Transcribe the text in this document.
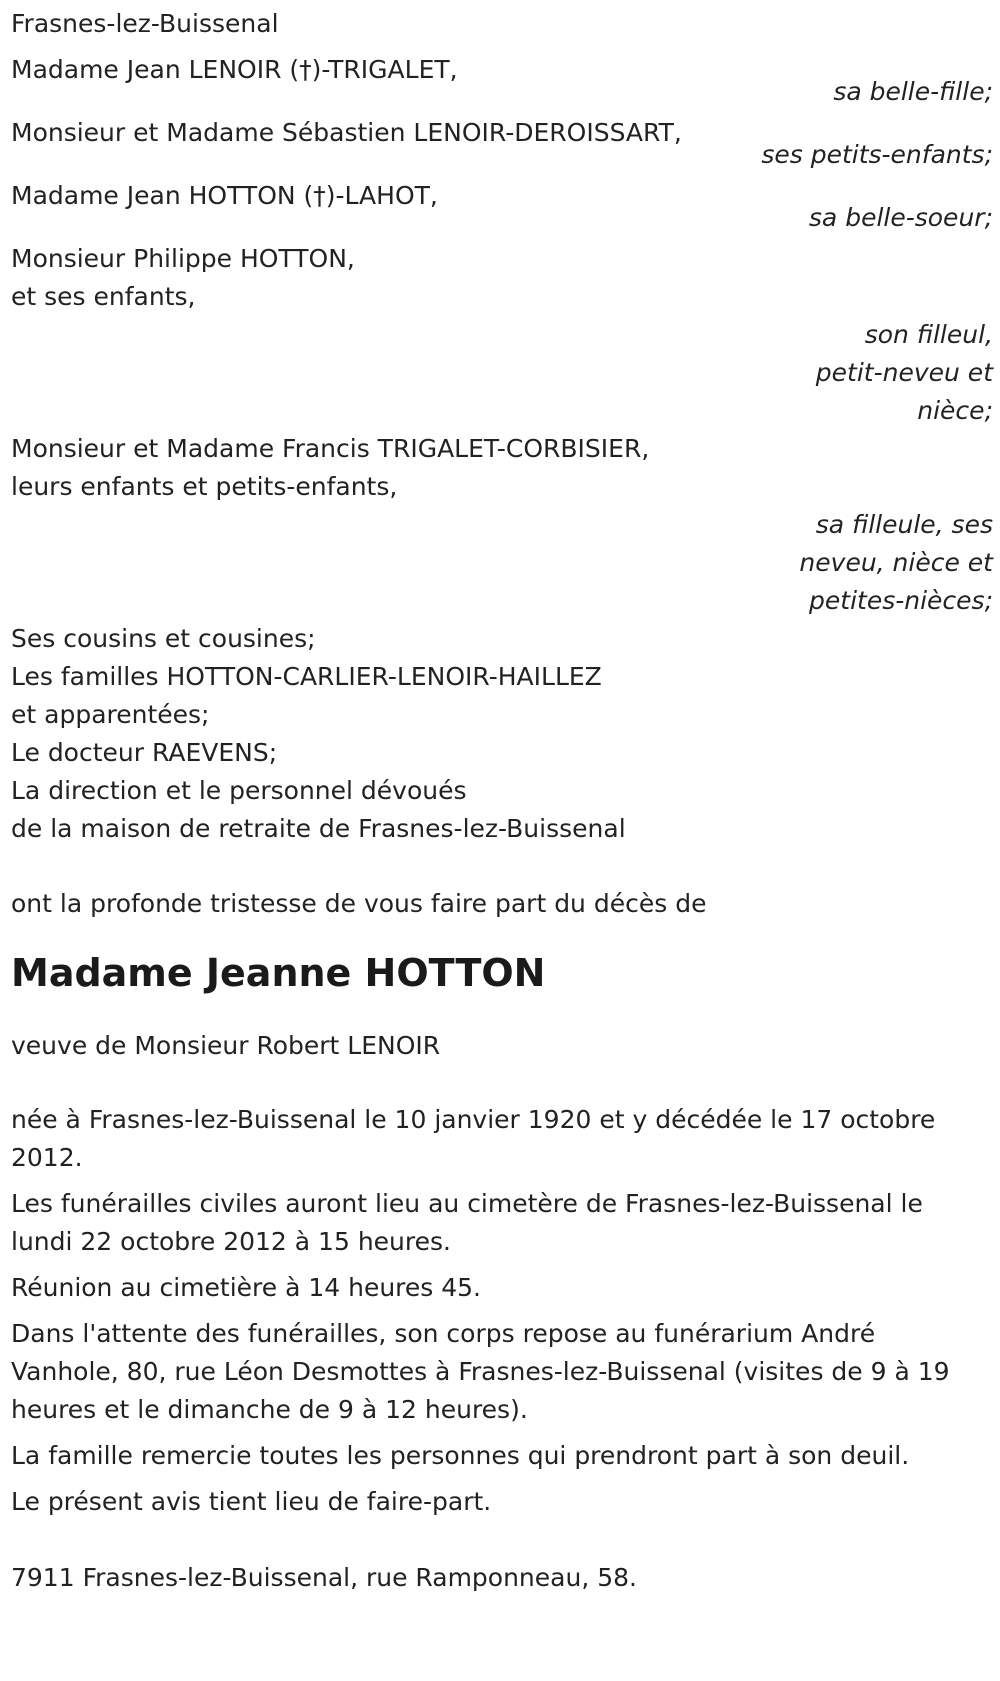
Frasnes-lez-Buissenal
Madame Jean LENOIR (†)-TRIGALET,
sa belle-fille;
Monsieur et Madame Sébastien LENOIR-DEROISSART,
ses petits-enfants;
Madame Jean HOTTON (†)-LAHOT,
sa belle-soeur;
Monsieur Philippe HOTTON,
et ses enfants,
son filleul,
petit-neveu et
nièce;
Monsieur et Madame Francis TRIGALET-CORBISIER,
leurs enfants et petits-enfants,
sa filleule, ses
neveu, nièce et
petites-nièces;
Ses cousins et cousines;
Les familles HOTTON-CARLIER-LENOIR-HAILLEZ
et apparentées;
Le docteur RAEVENS;
La direction et le personnel dévoués
de la maison de retraite de Frasnes-lez-Buissenal
ont la profonde tristesse de vous faire part du décès de
Madame Jeanne HOTTON
veuve de Monsieur Robert LENOIR
née à Frasnes-lez-Buissenal le 10 janvier 1920 et y décédée le 17 octobre 2012.
Les funérailles civiles auront lieu au cimetère de Frasnes-lez-Buissenal le lundi 22 octobre 2012 à 15 heures.
Réunion au cimetière à 14 heures 45.
Dans l'attente des funérailles, son corps repose au funérarium André Vanhole, 80, rue Léon Desmottes à Frasnes-lez-Buissenal (visites de 9 à 19 heures et le dimanche de 9 à 12 heures).
La famille remercie toutes les personnes qui prendront part à son deuil.
Le présent avis tient lieu de faire-part.
7911 Frasnes-lez-Buissenal, rue Ramponneau, 58.
